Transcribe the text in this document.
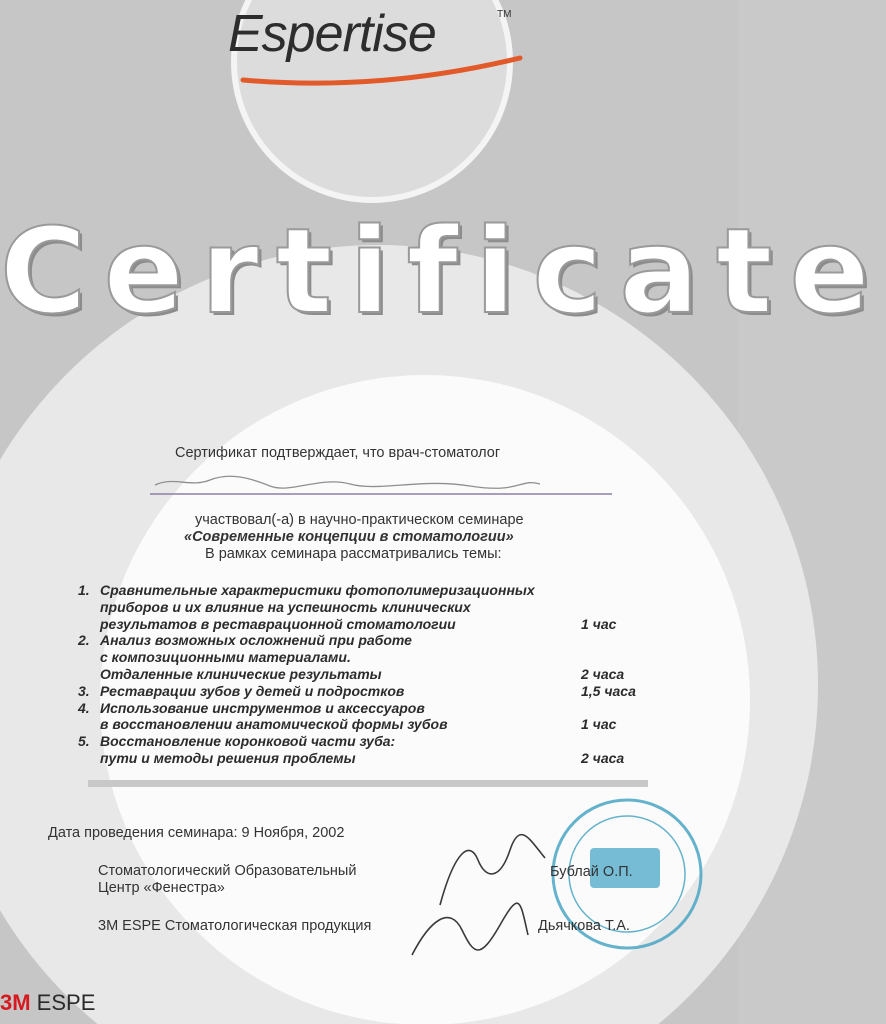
Espertise	TM
Certificate
Сертификат подтверждает, что врач-стоматолог
участвовал(-а) в научно-практическом семинаре
«Современные концепции в стоматологии»
В рамках семинара рассматривались темы:
1. Сравнительные характеристики фотополимеризационных
приборов и их влияние на успешность клинических
результатов в реставрационной стоматологии	1 час
2. Анализ возможных осложнений при работе
с композиционными материалами.
Отдаленные клинические результаты	2 часа
3. Реставрации зубов у детей и подростков	1,5 часа
4. Использование инструментов и аксессуаров
в восстановлении анатомической формы зубов	1 час
5. Восстановление коронковой части зуба:
пути и методы решения проблемы	2 часа
Дата проведения семинара: 9 Ноября, 2002
Стоматологический Образовательный
Центр «Фенестра»
Бублай О.П.
3М ESPE Стоматологическая продукция	Дьячкова Т.А.
3M ESPE
